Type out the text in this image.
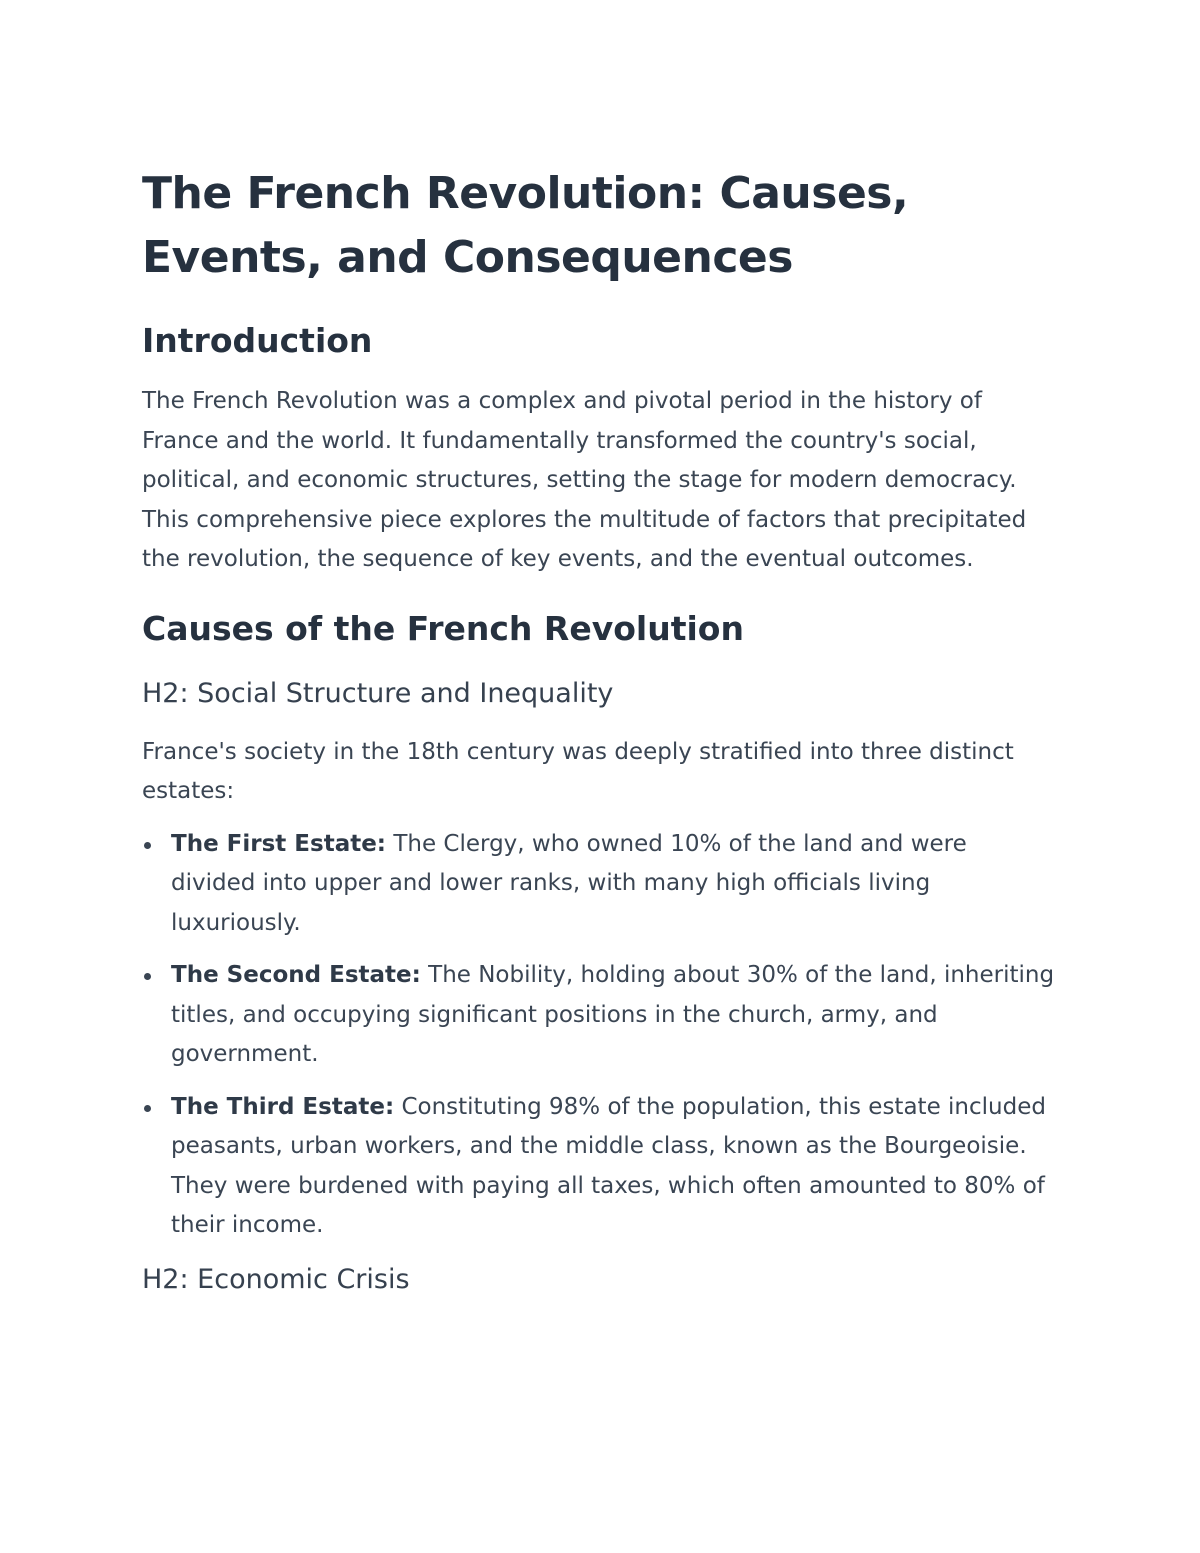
The French Revolution: Causes, Events, and Consequences
Introduction

The French Revolution was a complex and pivotal period in the history of France and the world. It fundamentally transformed the country's social, political, and economic structures, setting the stage for modern democracy. This comprehensive piece explores the multitude of factors that precipitated the revolution, the sequence of key events, and the eventual outcomes.

Causes of the French Revolution
H2: Social Structure and Inequality

France's society in the 18th century was deeply stratified into three distinct estates:

The First Estate: The Clergy, who owned 10% of the land and were divided into upper and lower ranks, with many high officials living luxuriously.
The Second Estate: The Nobility, holding about 30% of the land, inheriting titles, and occupying significant positions in the church, army, and government.
The Third Estate: Constituting 98% of the population, this estate included peasants, urban workers, and the middle class, known as the Bourgeoisie. They were burdened with paying all taxes, which often amounted to 80% of their income.
H2: Economic Crisis
